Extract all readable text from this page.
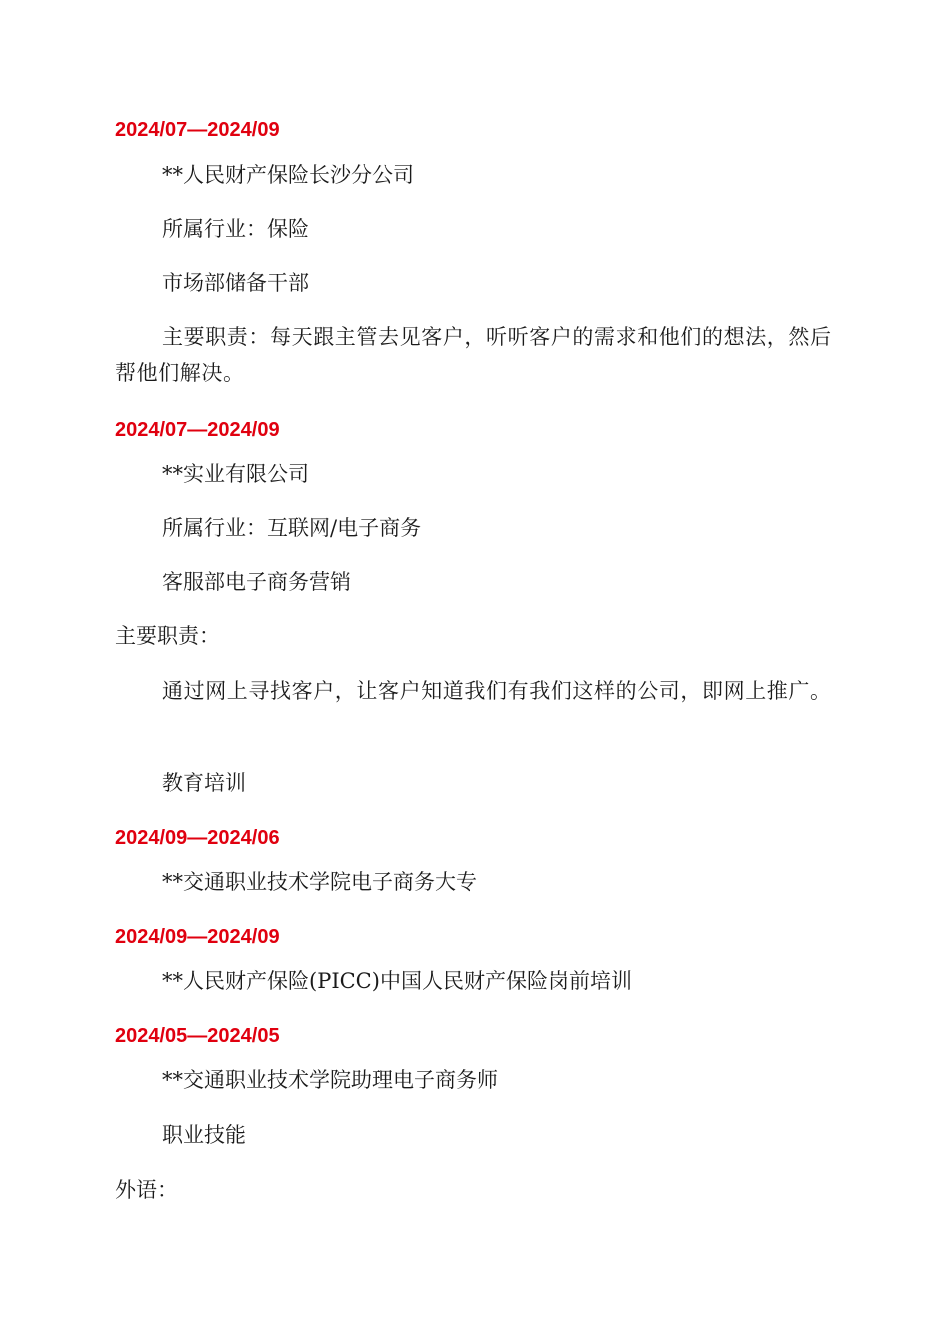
2024/07—2024/09
**人民财产保险长沙分公司
所属行业：保险
市场部储备干部
主要职责：每天跟主管去见客户，听听客户的需求和他们的想法，然后帮他们解决。
2024/07—2024/09
**实业有限公司
所属行业：互联网/电子商务
客服部电子商务营销
主要职责：
通过网上寻找客户，让客户知道我们有我们这样的公司，即网上推广。
教育培训
2024/09—2024/06
**交通职业技术学院电子商务大专
2024/09—2024/09
**人民财产保险(PICC)中国人民财产保险岗前培训
2024/05—2024/05
**交通职业技术学院助理电子商务师
职业技能
外语：
